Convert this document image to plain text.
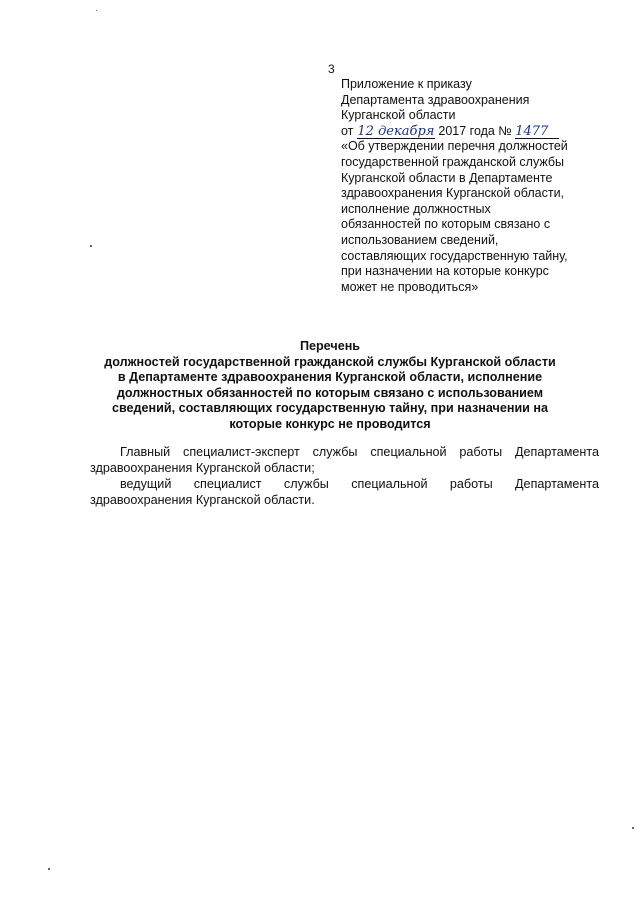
3
Приложение к приказу
Департамента здравоохранения
Курганской области
от 12 декабря 2017 года № 1477
«Об утверждении перечня должностей
государственной гражданской службы
Курганской области в Департаменте
здравоохранения Курганской области,
исполнение должностных
обязанностей по которым связано с
использованием сведений,
составляющих государственную тайну,
при назначении на которые конкурс
может не проводиться»
Перечень
должностей государственной гражданской службы Курганской области
в Департаменте здравоохранения Курганской области, исполнение
должностных обязанностей по которым связано с использованием
сведений, составляющих государственную тайну, при назначении на
которые конкурс не проводится

Главный специалист-эксперт службы специальной работы Департамента здравоохранения Курганской области;

ведущий специалист службы специальной работы Департамента здравоохранения Курганской области.
